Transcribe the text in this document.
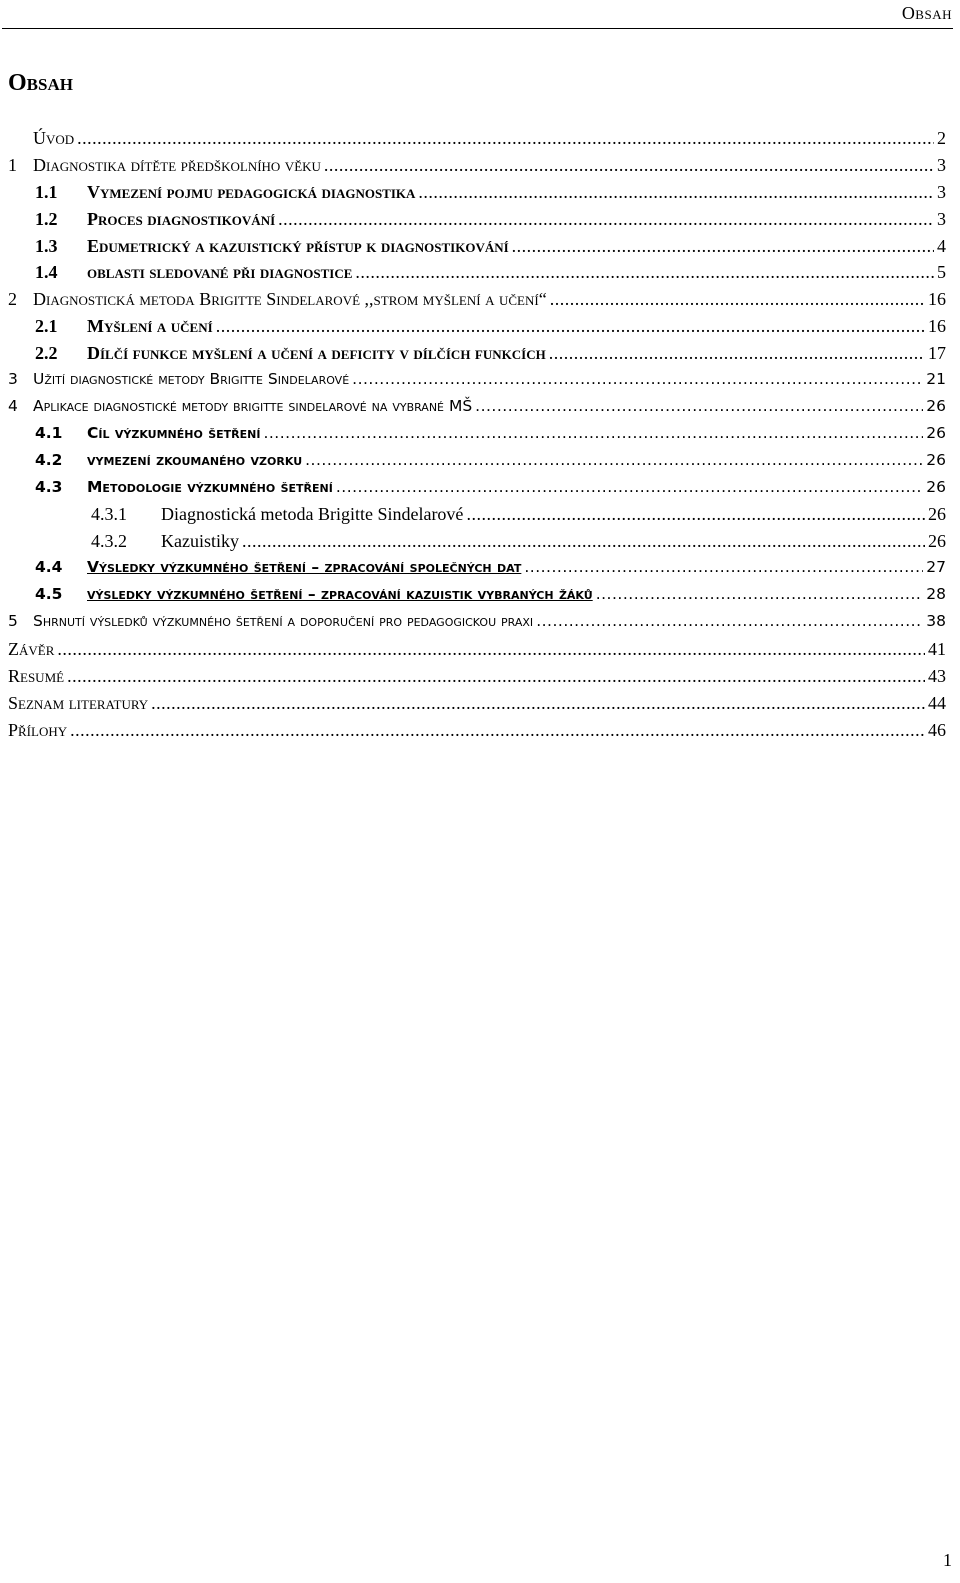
Obsah
Obsah
Úvod .....	2
1 Diagnostika dítěte předškolního věku .....	3
1.1	Vymezení pojmu pedagogická diagnostika .....	3
1.2	Proces diagnostikování .....	3
1.3	Edumetrický a kazuistický přístup k diagnostikování .....	4
1.4	oblasti sledované při diagnostice .....	5
2 Diagnostická metoda Brigitte Sindelarové ,,strom myšlení a učení“ .....	16
2.1	Myšlení a učení .....	16
2.2	Dílčí funkce myšlení a učení a deficity v dílčích funkcích .....	17
3 Užití diagnostické metody Brigitte Sindelarové .....	21
4 Aplikace diagnostické metody brigitte sindelarové na vybrané MŠ .....	26
4.1	Cíl výzkumného šetření .....	26
4.2	vymezení zkoumaného vzorku .....	26
4.3	Metodologie výzkumného šetření .....	26
4.3.1	Diagnostická metoda Brigitte Sindelarové .....	26
4.3.2	Kazuistiky .....	26
4.4	Výsledky výzkumného šetření – zpracování společných dat .....	27
4.5	výsledky výzkumného šetření – zpracování kazuistik vybraných žáků .....	28
5 Shrnutí výsledků výzkumného šetření a doporučení pro pedagogickou praxi .....	38
Závěr .....	41
Resumé .....	43
Seznam literatury .....	44
Přílohy .....	46
1
